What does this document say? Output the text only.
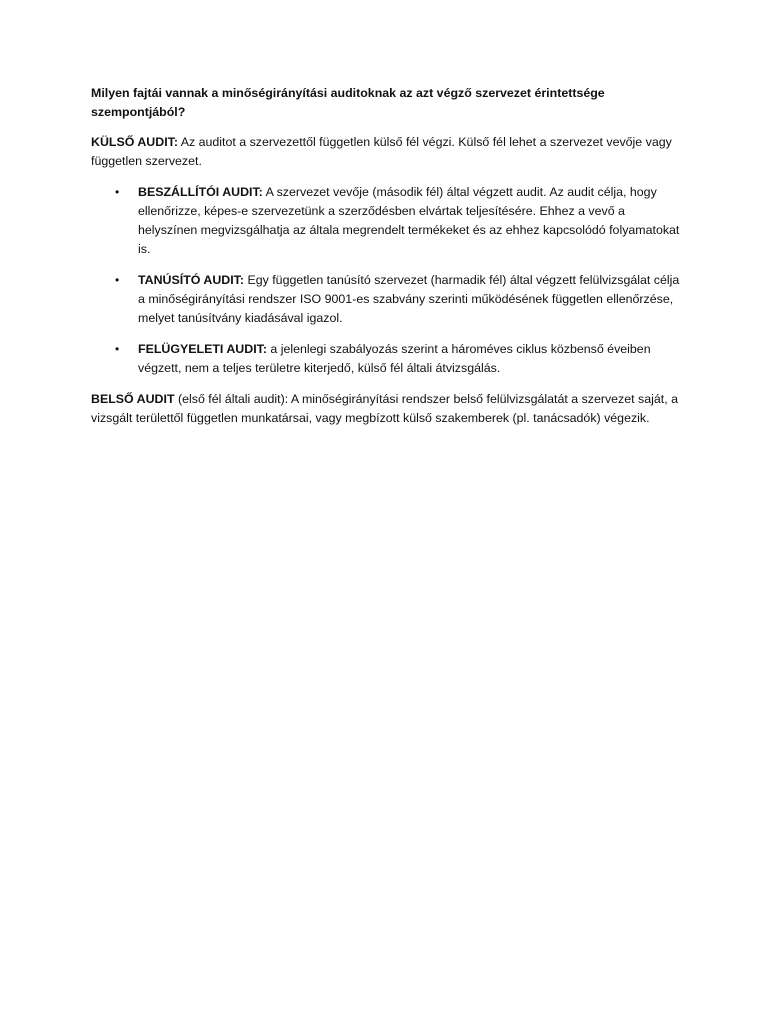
Milyen fajtái vannak a minőségirányítási auditoknak az azt végző szervezet érintettsége szempontjából?

KÜLSŐ AUDIT: Az auditot a szervezettől független külső fél végzi. Külső fél lehet a szervezet vevője vagy független szervezet.

• BESZÁLLÍTÓI AUDIT: A szervezet vevője (második fél) által végzett audit. Az audit célja, hogy ellenőrizze, képes-e szervezetünk a szerződésben elvártak teljesítésére. Ehhez a vevő a helyszínen megvizsgálhatja az általa megrendelt termékeket és az ehhez kapcsolódó folyamatokat is.
• TANÚSÍTÓ AUDIT: Egy független tanúsító szervezet (harmadik fél) által végzett felülvizsgálat célja a minőségirányítási rendszer ISO 9001-es szabvány szerinti működésének független ellenőrzése, melyet tanúsítvány kiadásával igazol.
• FELÜGYELETI AUDIT: a jelenlegi szabályozás szerint a hároméves ciklus közbenső éveiben végzett, nem a teljes területre kiterjedő, külső fél általi átvizsgálás.

BELSŐ AUDIT (első fél általi audit): A minőségirányítási rendszer belső felülvizsgálatát a szervezet saját, a vizsgált területtől független munkatársai, vagy megbízott külső szakemberek (pl. tanácsadók) végezik.
